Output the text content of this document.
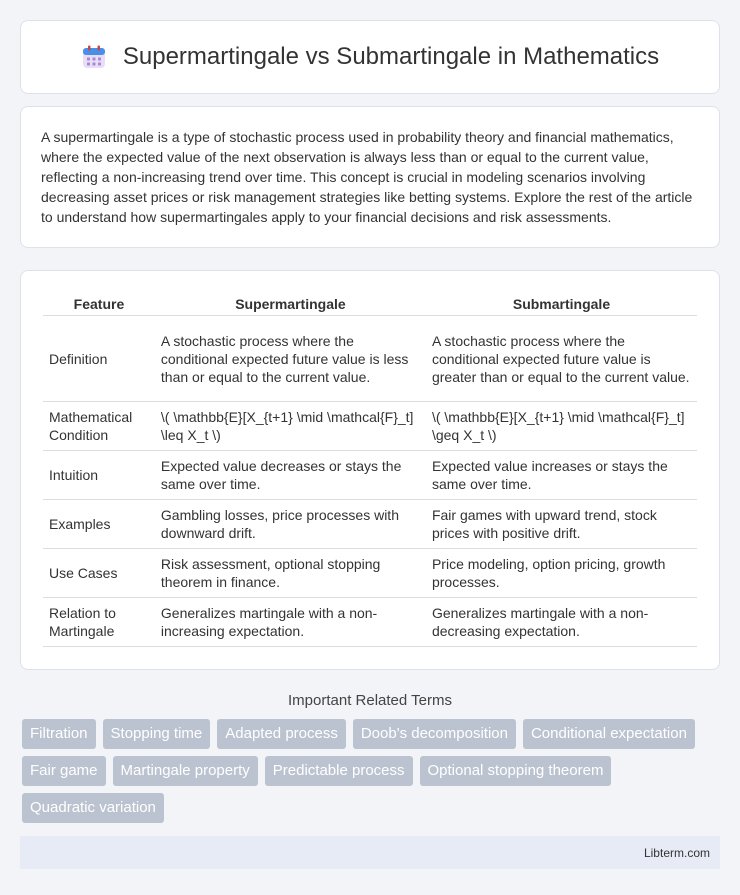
Supermartingale vs Submartingale in Mathematics

A supermartingale is a type of stochastic process used in probability theory and financial mathematics, where the expected value of the next observation is always less than or equal to the current value, reflecting a non-increasing trend over time. This concept is crucial in modeling scenarios involving decreasing asset prices or risk management strategies like betting systems. Explore the rest of the article to understand how supermartingales apply to your financial decisions and risk assessments.

Feature	Supermartingale	Submartingale
Definition	A stochastic process where the conditional expected future value is less than or equal to the current value.	A stochastic process where the conditional expected future value is greater than or equal to the current value.
Mathematical Condition	\( \mathbb{E}[X_{t+1} \mid \mathcal{F}_t] \leq X_t \)	\( \mathbb{E}[X_{t+1} \mid \mathcal{F}_t] \geq X_t \)
Intuition	Expected value decreases or stays the same over time.	Expected value increases or stays the same over time.
Examples	Gambling losses, price processes with downward drift.	Fair games with upward trend, stock prices with positive drift.
Use Cases	Risk assessment, optional stopping theorem in finance.	Price modeling, option pricing, growth processes.
Relation to Martingale	Generalizes martingale with a non-increasing expectation.	Generalizes martingale with a non-decreasing expectation.
Important Related Terms
Filtration	Stopping time	Adapted process	Doob's decomposition	Conditional expectation
Fair game	Martingale property	Predictable process	Optional stopping theorem
Quadratic variation
Libterm.com
